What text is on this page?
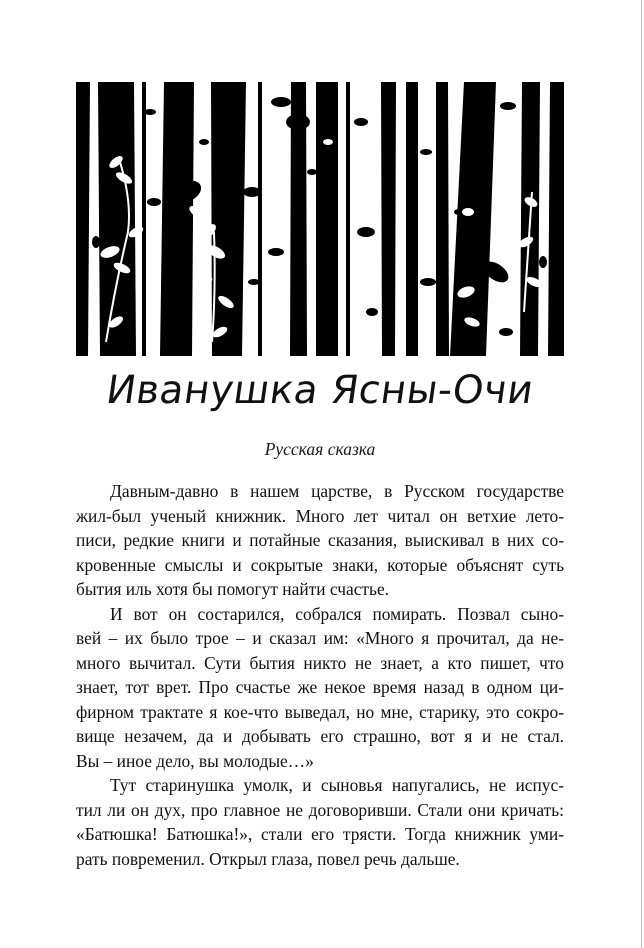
Иванушка Ясны-Очи
Русская сказка

Давным-давно в нашем царстве, в Русском государстве
жил-был ученый книжник. Много лет читал он ветхие лето-
писи, редкие книги и потайные сказания, выискивал в них со-
кровенные смыслы и сокрытые знаки, которые объяснят суть
бытия иль хотя бы помогут найти счастье.

И вот он состарился, собрался помирать. Позвал сыно-
вей – их было трое – и сказал им: «Много я прочитал, да не-
много вычитал. Сути бытия никто не знает, а кто пишет, что
знает, тот врет. Про счастье же некое время назад в одном ци-
фирном трактате я кое-что выведал, но мне, старику, это сокро-
вище незачем, да и добывать его страшно, вот я и не стал.
Вы – иное дело, вы молодые…»

Тут старинушка умолк, и сыновья напугались, не испус-
тил ли он дух, про главное не договоривши. Стали они кричать:
«Батюшка! Батюшка!», стали его трясти. Тогда книжник уми-
рать повременил. Открыл глаза, повел речь дальше.
